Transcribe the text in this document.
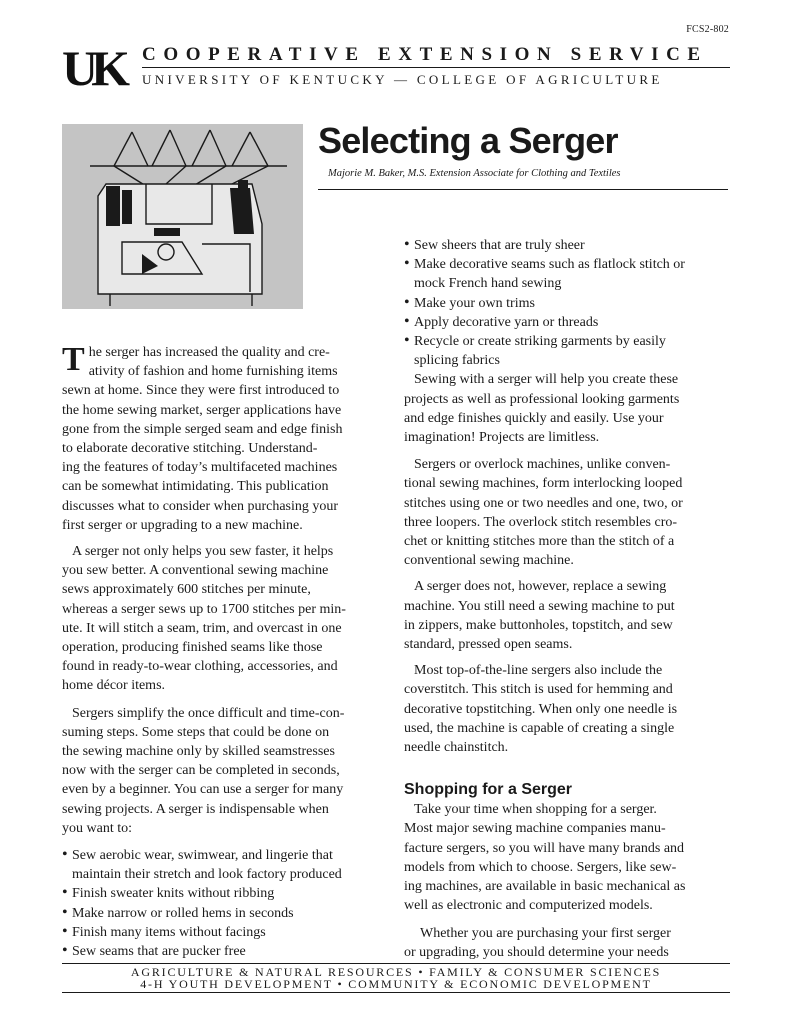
FCS2-802
UK	COOPERATIVE EXTENSION SERVICE
UNIVERSITY OF KENTUCKY — COLLEGE OF AGRICULTURE
Selecting a Serger
Majorie M. Baker, M.S. Extension Associate for Clothing and Textiles
T he serger has increased the quality and cre-

ativity of fashion and home furnishing items

sewn at home. Since they were first introduced to

the home sewing market, serger applications have

gone from the simple serged seam and edge finish

to elaborate decorative stitching. Understand-

ing the features of today’s multifaceted machines

can be somewhat intimidating. This publication

discusses what to consider when purchasing your

first serger or upgrading to a new machine.

A serger not only helps you sew faster, it helps

you sew better. A conventional sewing machine

sews approximately 600 stitches per minute,

whereas a serger sews up to 1700 stitches per min-

ute. It will stitch a seam, trim, and overcast in one

operation, producing finished seams like those

found in ready-to-wear clothing, accessories, and

home décor items.

Sergers simplify the once difficult and time-con-

suming steps. Some steps that could be done on

the sewing machine only by skilled seamstresses

now with the serger can be completed in seconds,

even by a beginner. You can use a serger for many

sewing projects. A serger is indispensable when

you want to:

• Sew aerobic wear, swimwear, and lingerie that

maintain their stretch and look factory produced

• Finish sweater knits without ribbing

• Make narrow or rolled hems in seconds

• Finish many items without facings

• Sew seams that are pucker free

• Sew sheers that are truly sheer

• Make decorative seams such as flatlock stitch or

mock French hand sewing

• Make your own trims

• Apply decorative yarn or threads

• Recycle or create striking garments by easily

splicing fabrics

Sewing with a serger will help you create these

projects as well as professional looking garments

and edge finishes quickly and easily. Use your

imagination! Projects are limitless.

Sergers or overlock machines, unlike conven-

tional sewing machines, form interlocking looped

stitches using one or two needles and one, two, or

three loopers. The overlock stitch resembles cro-

chet or knitting stitches more than the stitch of a

conventional sewing machine.

A serger does not, however, replace a sewing

machine. You still need a sewing machine to put

in zippers, make buttonholes, topstitch, and sew

standard, pressed open seams.

Most top-of-the-line sergers also include the

coverstitch. This stitch is used for hemming and

decorative topstitching. When only one needle is

used, the machine is capable of creating a single

needle chainstitch.

Shopping for a Serger

Take your time when shopping for a serger.

Most major sewing machine companies manu-

facture sergers, so you will have many brands and

models from which to choose. Sergers, like sew-

ing machines, are available in basic mechanical as

well as electronic and computerized models.

Whether you are purchasing your first serger

or upgrading, you should determine your needs

AGRICULTURE & NATURAL RESOURCES • FAMILY & CONSUMER SCIENCES
4-H YOUTH DEVELOPMENT • COMMUNITY & ECONOMIC DEVELOPMENT
